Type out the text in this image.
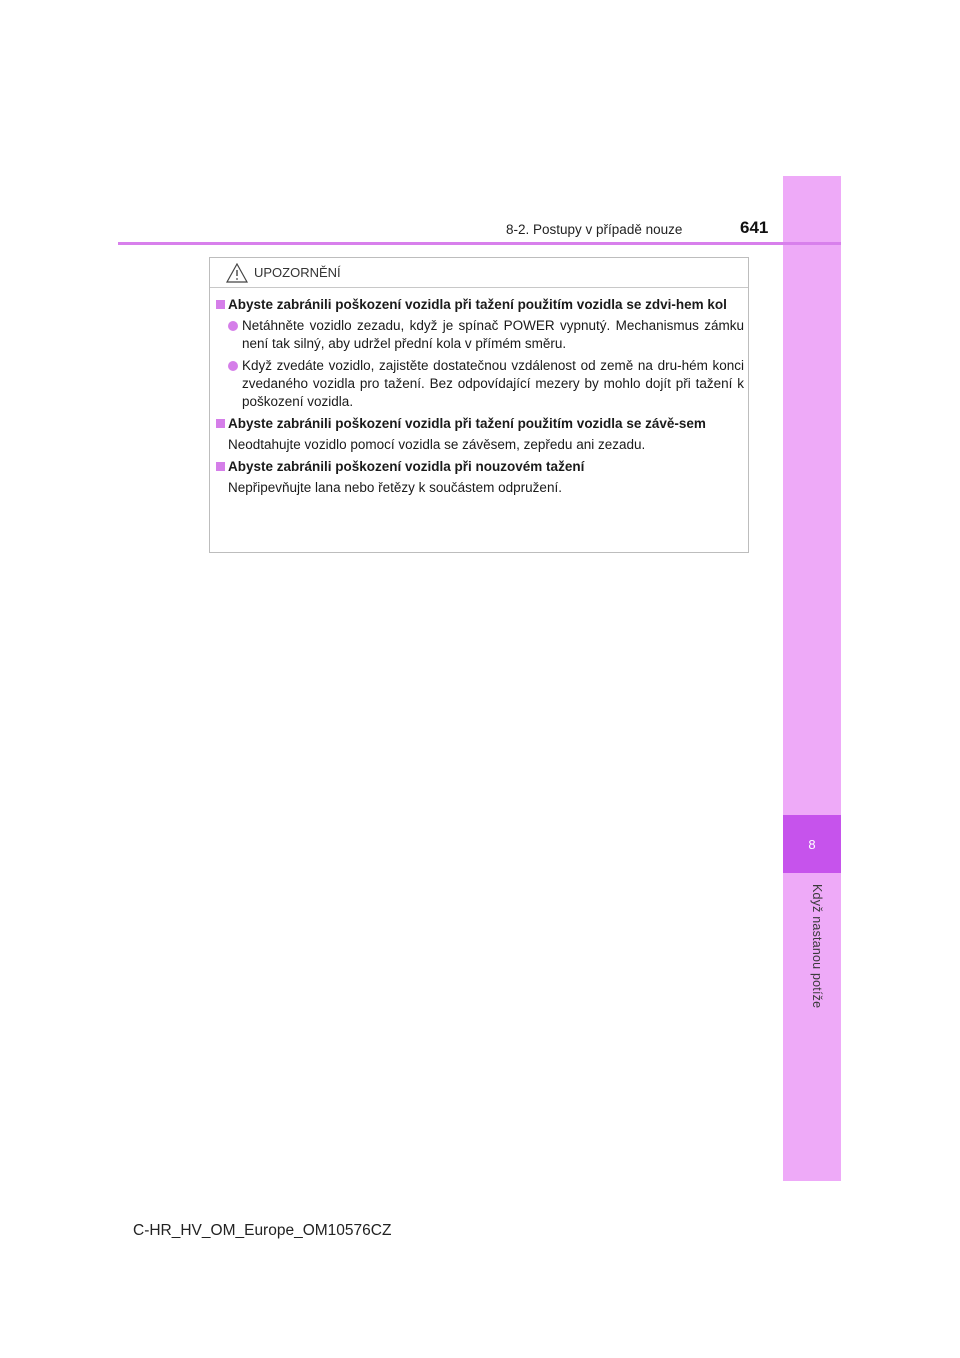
8
Když nastanou potíže
8-2. Postupy v případě nouze	641
UPOZORNĚNÍ
Abyste zabránili poškození vozidla při tažení použitím vozidla se zdvi-hem kol
Netáhněte vozidlo zezadu, když je spínač POWER vypnutý. Mechanismus zámku není tak silný, aby udržel přední kola v přímém směru.
Když zvedáte vozidlo, zajistěte dostatečnou vzdálenost od země na dru-hém konci zvedaného vozidla pro tažení. Bez odpovídající mezery by mohlo dojít při tažení k poškození vozidla.
Abyste zabránili poškození vozidla při tažení použitím vozidla se závě-sem
Neodtahujte vozidlo pomocí vozidla se závěsem, zepředu ani zezadu.
Abyste zabránili poškození vozidla při nouzovém tažení
Nepřipevňujte lana nebo řetězy k součástem odpružení.
C-HR_HV_OM_Europe_OM10576CZ
